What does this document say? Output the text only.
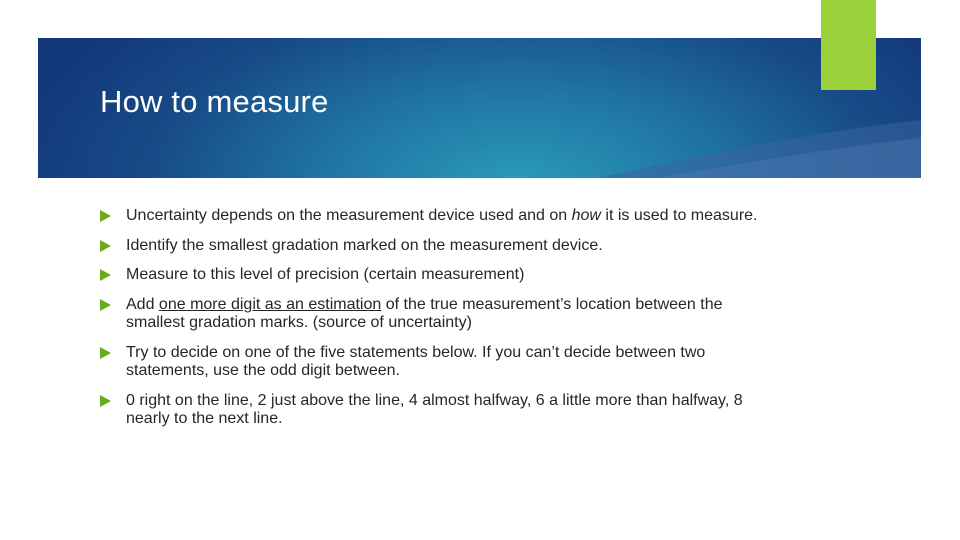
How to measure
Uncertainty depends on the measurement device used and on how it is used to measure.
Identify the smallest gradation marked on the measurement device.
Measure to this level of precision (certain measurement)
Add one more digit as an estimation of the true measurement’s location between the smallest gradation marks. (source of uncertainty)
Try to decide on one of the five statements below. If you can’t decide between two statements, use the odd digit between.
0 right on the line, 2 just above the line, 4 almost halfway, 6 a little more than halfway, 8 nearly to the next line.
